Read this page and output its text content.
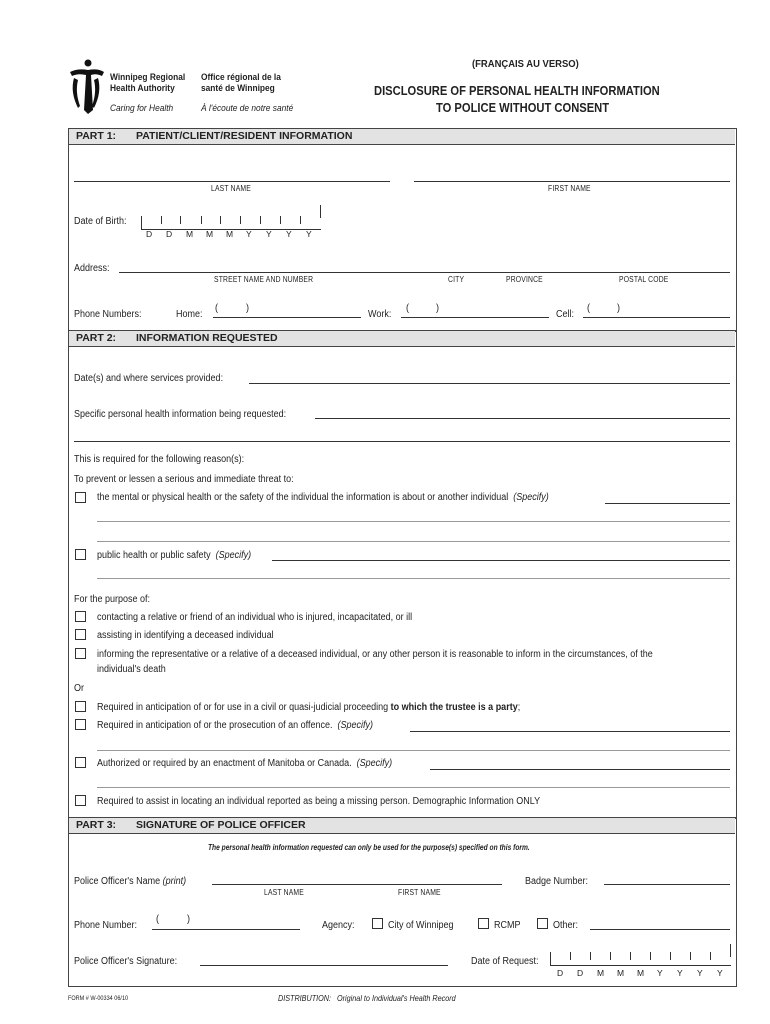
Winnipeg Regional
Health Authority
Office régional de la
santé de Winnipeg
Caring for Health	À l'écoute de notre santé
(FRANÇAIS AU VERSO)
DISCLOSURE OF PERSONAL HEALTH INFORMATION
TO POLICE WITHOUT CONSENT
PART 1: PATIENT/CLIENT/RESIDENT INFORMATION
LAST NAME	FIRST NAME
Date of Birth:
D D M M M Y Y Y Y
Address:
STREET NAME AND NUMBER	CITY	PROVINCE	POSTAL CODE
Phone Numbers:	Home:
(	)
Work:
(	)
Cell:
(	)
PART 2: INFORMATION REQUESTED
Date(s) and where services provided:
Specific personal health information being requested:
This is required for the following reason(s):
To prevent or lessen a serious and immediate threat to:
the mental or physical health or the safety of the individual the information is about or another individual (Specify)
public health or public safety (Specify)
For the purpose of:
contacting a relative or friend of an individual who is injured, incapacitated, or ill
assisting in identifying a deceased individual
informing the representative or a relative of a deceased individual, or any other person it is reasonable to inform in the circumstances, of the
individual's death
Or
Required in anticipation of or for use in a civil or quasi-judicial proceeding to which the trustee is a party;
Required in anticipation of or the prosecution of an offence. (Specify)
Authorized or required by an enactment of Manitoba or Canada. (Specify)
Required to assist in locating an individual reported as being a missing person. Demographic Information ONLY
PART 3: SIGNATURE OF POLICE OFFICER
The personal health information requested can only be used for the purpose(s) specified on this form.
Police Officer's Name (print)
LAST NAME	FIRST NAME
Badge Number:
Phone Number:
(	)
Agency:	City of Winnipeg	RCMP	Other:
Police Officer's Signature:	Date of Request:
D D M M M Y Y Y Y
FORM # W-00334 06/10	DISTRIBUTION: Original to Individual's Health Record
